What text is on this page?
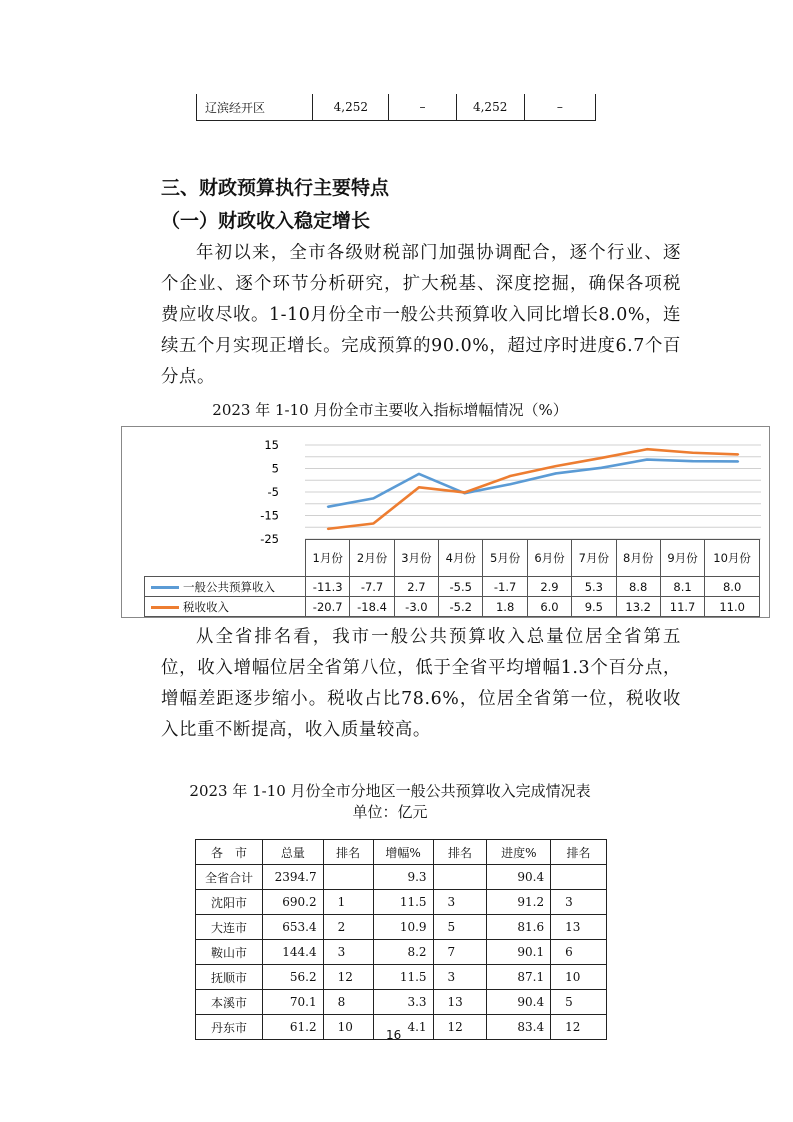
辽滨经开区	4,252	–	4,252	–
三、财政预算执行主要特点
（一）财政收入稳定增长

年初以来，全市各级财税部门加强协调配合，逐个行业、逐个企业、逐个环节分析研究，扩大税基、深度挖掘，确保各项税费应收尽收。1-10月份全市一般公共预算收入同比增长8.0%，连续五个月实现正增长。完成预算的90.0%，超过序时进度6.7个百分点。

2023 年 1-10 月份全市主要收入指标增幅情况（%）
15
5
-5
-15
-25
	1月份	2月份	3月份	4月份	5月份	6月份	7月份	8月份	9月份	10月份
一般公共预算收入	-11.3	-7.7	2.7	-5.5	-1.7	2.9	5.3	8.8	8.1	8.0
税收收入	-20.7	-18.4	-3.0	-5.2	1.8	6.0	9.5	13.2	11.7	11.0

从全省排名看，我市一般公共预算收入总量位居全省第五位，收入增幅位居全省第八位，低于全省平均增幅1.3个百分点，增幅差距逐步缩小。税收占比78.6%，位居全省第一位，税收收入比重不断提高，收入质量较高。

2023 年 1-10 月份全市分地区一般公共预算收入完成情况表
单位：亿元
各　市	总量	排名	增幅%	排名	进度%	排名
全省合计	2394.7		9.3		90.4	
沈阳市	690.2	1	11.5	3	91.2	3
大连市	653.4	2	10.9	5	81.6	13
鞍山市	144.4	3	8.2	7	90.1	6
抚顺市	56.2	12	11.5	3	87.1	10
本溪市	70.1	8	3.3	13	90.4	5
丹东市	61.2	10	4.1	12	83.4	12
16
